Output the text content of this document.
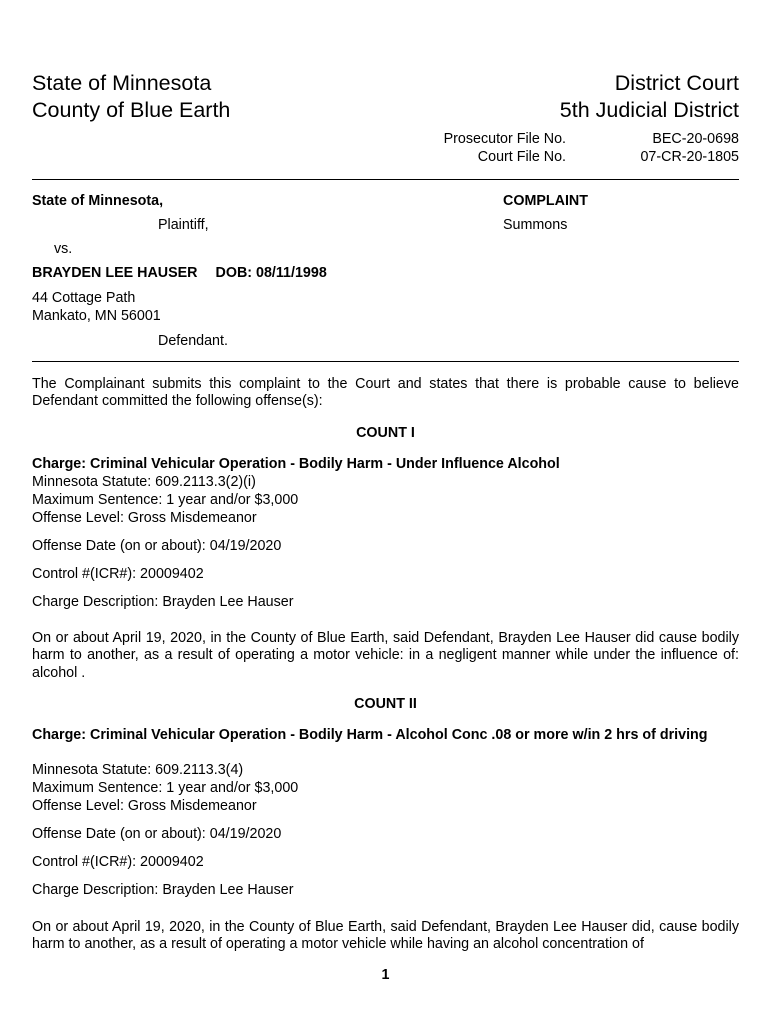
State of Minnesota
County of Blue Earth
District Court
5th Judicial District
Prosecutor File No.	BEC-20-0698
Court File No.	07-CR-20-1805
State of Minnesota,
Plaintiff,
vs.
BRAYDEN LEE HAUSER DOB: 08/11/1998
44 Cottage Path
Mankato, MN 56001
Defendant.
COMPLAINT
Summons
The Complainant submits this complaint to the Court and states that there is probable cause to believe Defendant committed the following offense(s):
COUNT I
Charge: Criminal Vehicular Operation - Bodily Harm - Under Influence Alcohol
Minnesota Statute: 609.2113.3(2)(i)
Maximum Sentence: 1 year and/or $3,000
Offense Level: Gross Misdemeanor
Offense Date (on or about): 04/19/2020
Control #(ICR#): 20009402
Charge Description: Brayden Lee Hauser
On or about April 19, 2020, in the County of Blue Earth, said Defendant, Brayden Lee Hauser did cause bodily harm to another, as a result of operating a motor vehicle: in a negligent manner while under the influence of: alcohol .
COUNT II
Charge: Criminal Vehicular Operation - Bodily Harm - Alcohol Conc .08 or more w/in 2 hrs of driving
Minnesota Statute: 609.2113.3(4)
Maximum Sentence: 1 year and/or $3,000
Offense Level: Gross Misdemeanor
Offense Date (on or about): 04/19/2020
Control #(ICR#): 20009402
Charge Description: Brayden Lee Hauser
On or about April 19, 2020, in the County of Blue Earth, said Defendant, Brayden Lee Hauser did, cause bodily harm to another, as a result of operating a motor vehicle while having an alcohol concentration of
1
